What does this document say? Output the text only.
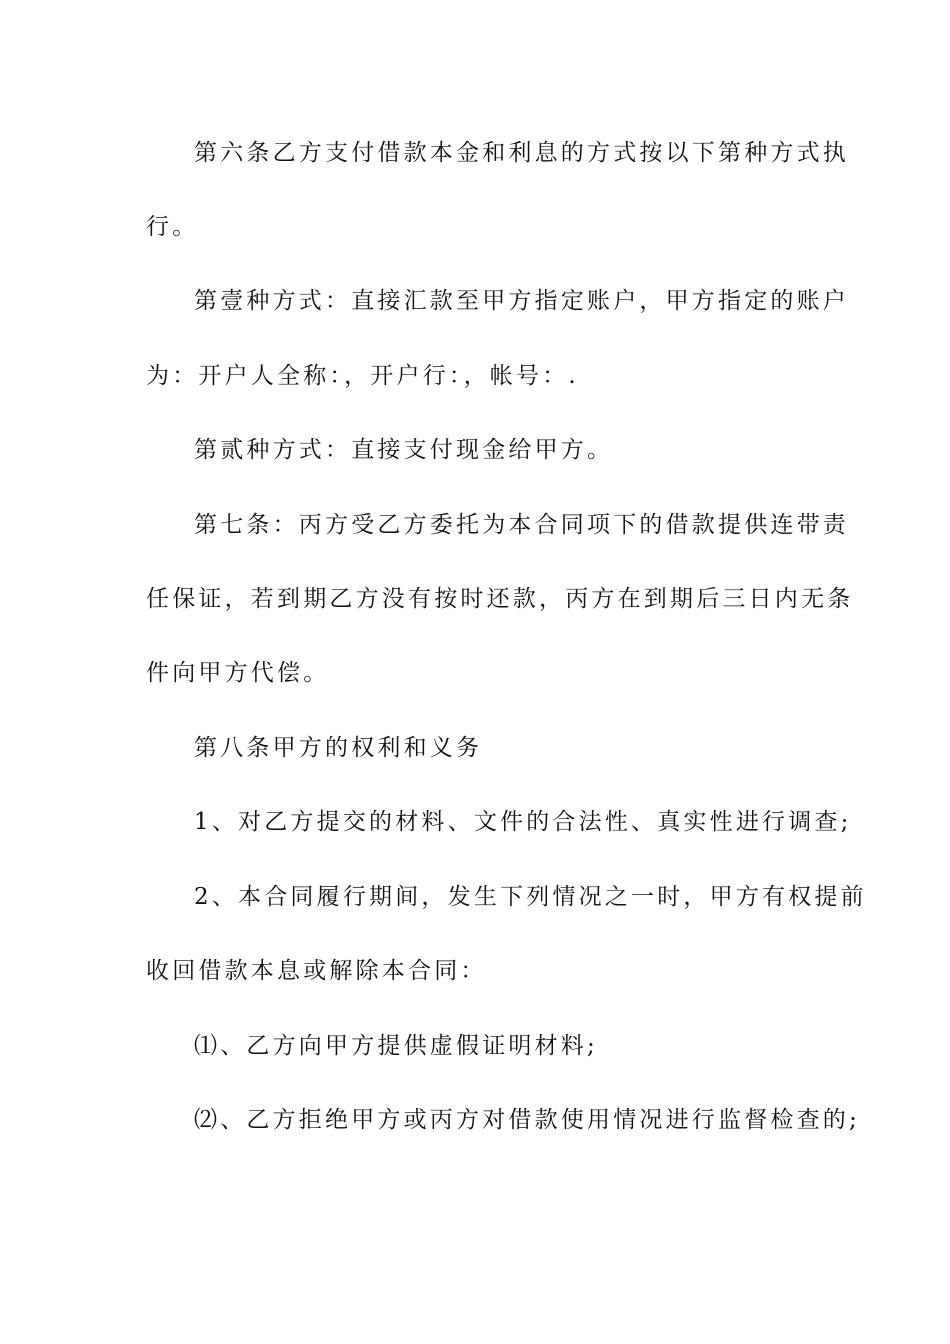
第六条乙方支付借款本金和利息的方式按以下第种方式执
行。
第壹种方式：直接汇款至甲方指定账户，甲方指定的账户
为：开户人全称：，开户行：，帐号：.
第贰种方式：直接支付现金给甲方。
第七条：丙方受乙方委托为本合同项下的借款提供连带责
任保证，若到期乙方没有按时还款，丙方在到期后三日内无条
件向甲方代偿。
第八条甲方的权利和义务
1、对乙方提交的材料、文件的合法性、真实性进行调查;
2、本合同履行期间，发生下列情况之一时，甲方有权提前
收回借款本息或解除本合同：
⑴、乙方向甲方提供虚假证明材料;
⑵、乙方拒绝甲方或丙方对借款使用情况进行监督检查的;
